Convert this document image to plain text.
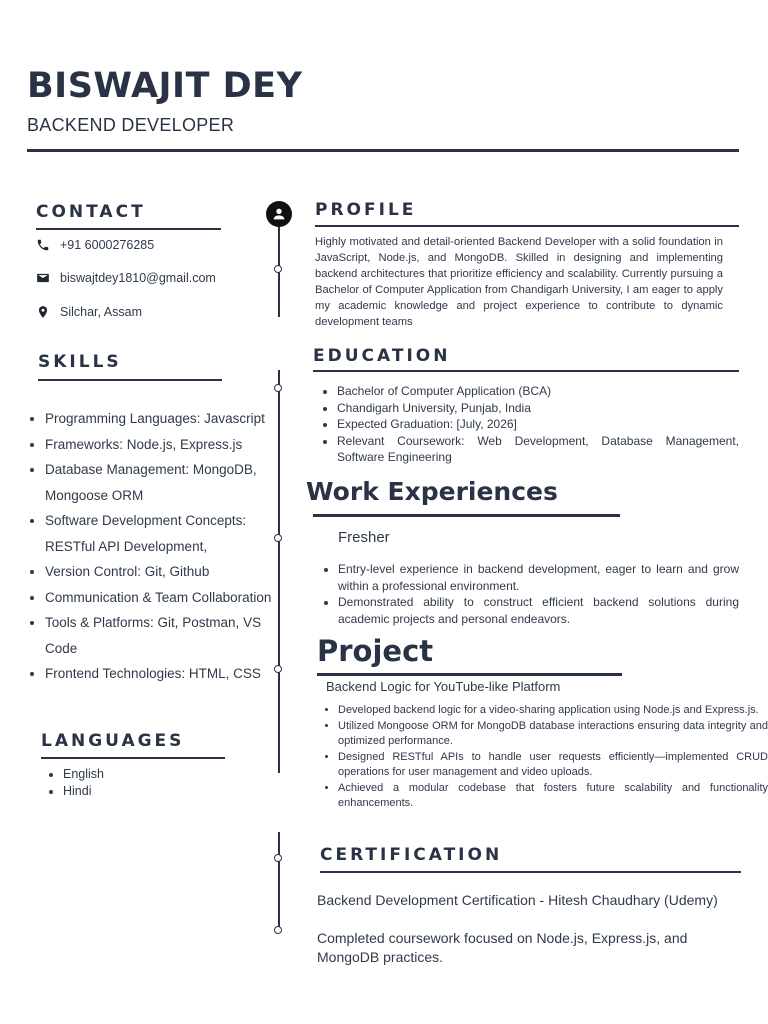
BISWAJIT DEY
BACKEND DEVELOPER
CONTACT
+91 6000276285
biswajtdey1810@gmail.com
Silchar, Assam
SKILLS
• Programming Languages: Javascript
• Frameworks: Node.js, Express.js
• Database Management: MongoDB, Mongoose ORM
• Software Development Concepts: RESTful API Development,
• Version Control: Git, Github
• Communication & Team Collaboration
• Tools & Platforms: Git, Postman, VS Code
• Frontend Technologies: HTML, CSS
LANGUAGES
• English
• Hindi
PROFILE
Highly motivated and detail-oriented Backend Developer with a solid foundation in JavaScript, Node.js, and MongoDB. Skilled in designing and implementing backend architectures that prioritize efficiency and scalability. Currently pursuing a Bachelor of Computer Application from Chandigarh University, I am eager to apply my academic knowledge and project experience to contribute to dynamic development teams
EDUCATION
• Bachelor of Computer Application (BCA)
• Chandigarh University, Punjab, India
• Expected Graduation: [July, 2026]
• Relevant Coursework: Web Development, Database Management, Software Engineering
Work Experiences
Fresher
• Entry-level experience in backend development, eager to learn and grow within a professional environment.
• Demonstrated ability to construct efficient backend solutions during academic projects and personal endeavors.
Project
Backend Logic for YouTube-like Platform
• Developed backend logic for a video-sharing application using Node.js and Express.js.
• Utilized Mongoose ORM for MongoDB database interactions ensuring data integrity and optimized performance.
• Designed RESTful APIs to handle user requests efficiently—implemented CRUD operations for user management and video uploads.
• Achieved a modular codebase that fosters future scalability and functionality enhancements.
CERTIFICATION
Backend Development Certification - Hitesh Chaudhary (Udemy)
Completed coursework focused on Node.js, Express.js, and MongoDB practices.
